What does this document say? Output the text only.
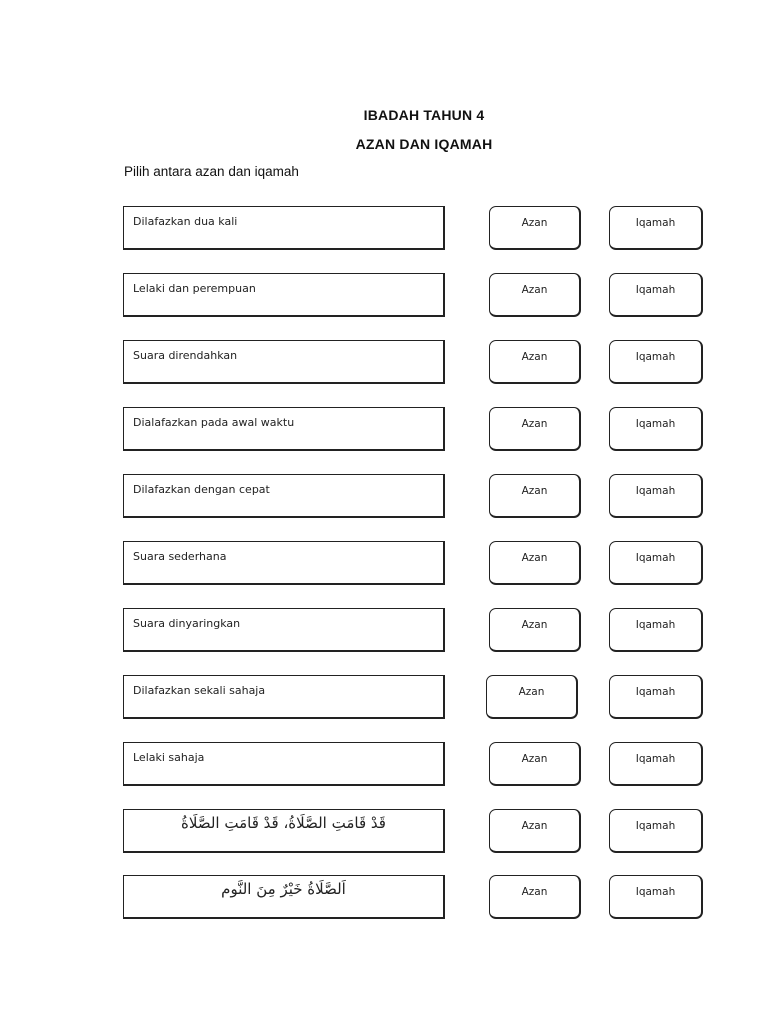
IBADAH TAHUN 4
AZAN DAN IQAMAH
Pilih antara azan dan iqamah
Dilafazkan dua kali	Azan	Iqamah
Lelaki dan perempuan	Azan	Iqamah
Suara direndahkan	Azan	Iqamah
Dialafazkan pada awal waktu	Azan	Iqamah
Dilafazkan dengan cepat	Azan	Iqamah
Suara sederhana	Azan	Iqamah
Suara dinyaringkan	Azan	Iqamah
Dilafazkan sekali sahaja	Azan	Iqamah
Lelaki sahaja	Azan	Iqamah
قَدْ قَامَتِ الصَّلَاةُ، قَدْ قَامَتِ الصَّلَاةُ	Azan	Iqamah
اَلصَّلَاةُ خَيْرٌ مِنَ النَّوم	Azan	Iqamah
